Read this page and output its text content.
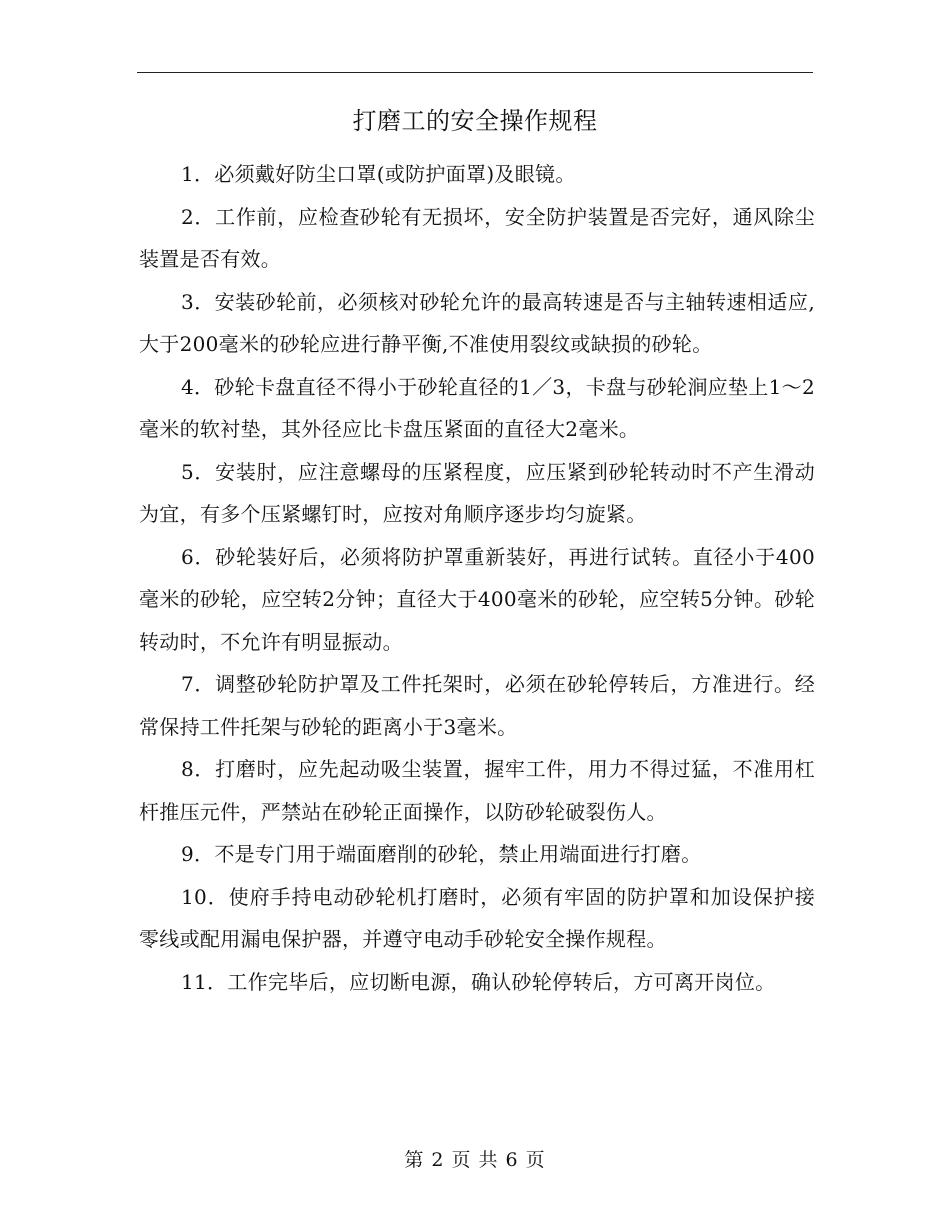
打磨工的安全操作规程

1．必须戴好防尘口罩(或防护面罩)及眼镜。

2．工作前，应检查砂轮有无损坏，安全防护装置是否完好，通风除尘装置是否有效。

3．安装砂轮前，必须核对砂轮允许的最高转速是否与主轴转速相适应,大于200毫米的砂轮应进行静平衡,不准使用裂纹或缺损的砂轮。

4．砂轮卡盘直径不得小于砂轮直径的1／3，卡盘与砂轮涧应垫上1～2毫米的软衬垫，其外径应比卡盘压紧面的直径大2毫米。

5．安装肘，应注意螺母的压紧程度，应压紧到砂轮转动时不产生滑动为宜，有多个压紧螺钉时，应按对角顺序逐步均匀旋紧。

6．砂轮装好后，必须将防护罩重新装好，再进行试转。直径小于400毫米的砂轮，应空转2分钟；直径大于400毫米的砂轮，应空转5分钟。砂轮转动时，不允许有明显振动。

7．调整砂轮防护罩及工件托架时，必须在砂轮停转后，方准进行。经常保持工件托架与砂轮的距离小于3毫米。

8．打磨时，应先起动吸尘装置，握牢工件，用力不得过猛，不准用杠杆推压元件，严禁站在砂轮正面操作，以防砂轮破裂伤人。

9．不是专门用于端面磨削的砂轮，禁止用端面进行打磨。

10．使府手持电动砂轮机打磨时，必须有牢固的防护罩和加设保护接零线或配用漏电保护器，并遵守电动手砂轮安全操作规程。

11．工作完毕后，应切断电源，确认砂轮停转后，方可离开岗位。

第 2 页 共 6 页
